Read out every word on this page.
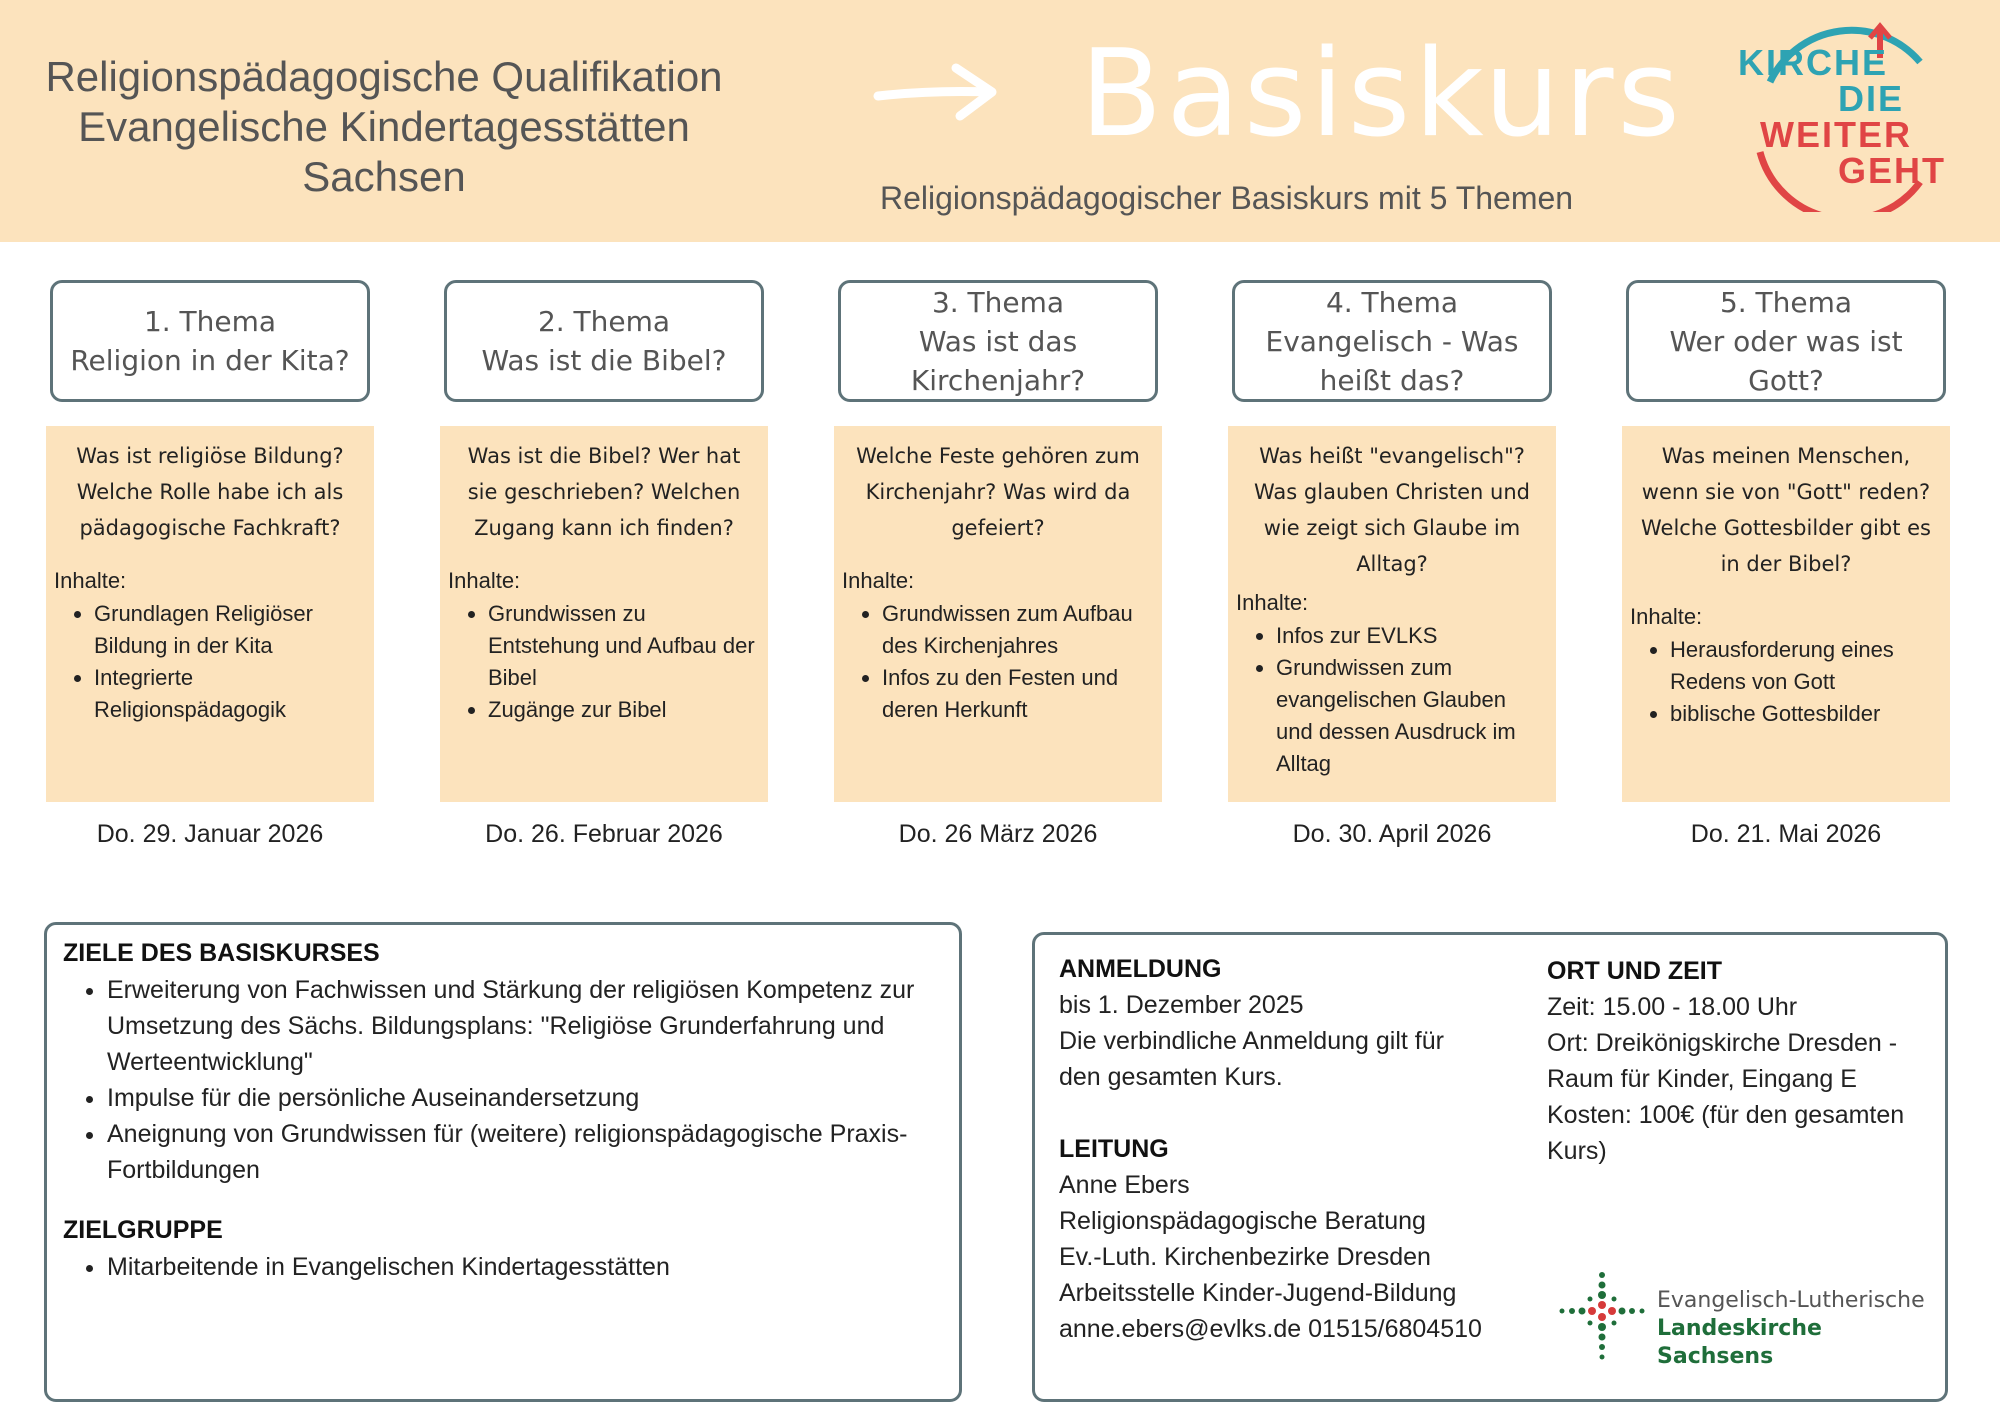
Religionspädagogische Qualifikation
Evangelische Kindertagesstätten
Sachsen
Basiskurs
Religionspädagogischer Basiskurs mit 5 Themen
KIRCHE
DIE
WEITER
GEHT
1. Thema
Religion in der Kita?
Was ist religiöse Bildung? Welche Rolle habe ich als pädagogische Fachkraft?
Inhalte:
• Grundlagen Religiöser Bildung in der Kita
• Integrierte Religionspädagogik
Do. 29. Januar 2026
2. Thema
Was ist die Bibel?
Was ist die Bibel? Wer hat sie geschrieben? Welchen Zugang kann ich finden?
Inhalte:
• Grundwissen zu Entstehung und Aufbau der Bibel
• Zugänge zur Bibel
Do. 26. Februar 2026
3. Thema
Was ist das
Kirchenjahr?
Welche Feste gehören zum Kirchenjahr? Was wird da gefeiert?
Inhalte:
• Grundwissen zum Aufbau des Kirchenjahres
• Infos zu den Festen und deren Herkunft
Do. 26 März 2026
4. Thema
Evangelisch - Was
heißt das?
Was heißt "evangelisch"? Was glauben Christen und wie zeigt sich Glaube im Alltag?
Inhalte:
• Infos zur EVLKS
• Grundwissen zum evangelischen Glauben und dessen Ausdruck im Alltag
Do. 30. April 2026
5. Thema
Wer oder was ist
Gott?
Was meinen Menschen, wenn sie von "Gott" reden? Welche Gottesbilder gibt es in der Bibel?
Inhalte:
• Herausforderung eines Redens von Gott
• biblische Gottesbilder
Do. 21. Mai 2026
ZIELE DES BASISKURSES
• Erweiterung von Fachwissen und Stärkung der religiösen Kompetenz zur Umsetzung des Sächs. Bildungsplans: "Religiöse Grunderfahrung und Werteentwicklung"
• Impulse für die persönliche Auseinandersetzung
• Aneignung von Grundwissen für (weitere) religionspädagogische Praxis-Fortbildungen
ZIELGRUPPE
• Mitarbeitende in Evangelischen Kindertagesstätten
ANMELDUNG
bis 1. Dezember 2025
Die verbindliche Anmeldung gilt für
den gesamten Kurs.
LEITUNG
Anne Ebers
Religionspädagogische Beratung
Ev.-Luth. Kirchenbezirke Dresden
Arbeitsstelle Kinder-Jugend-Bildung
anne.ebers@evlks.de 01515/6804510
ORT UND ZEIT
Zeit: 15.00 - 18.00 Uhr
Ort: Dreikönigskirche Dresden -
Raum für Kinder, Eingang E
Kosten: 100€ (für den gesamten
Kurs)
Evangelisch-Lutherische
Landeskirche Sachsens
